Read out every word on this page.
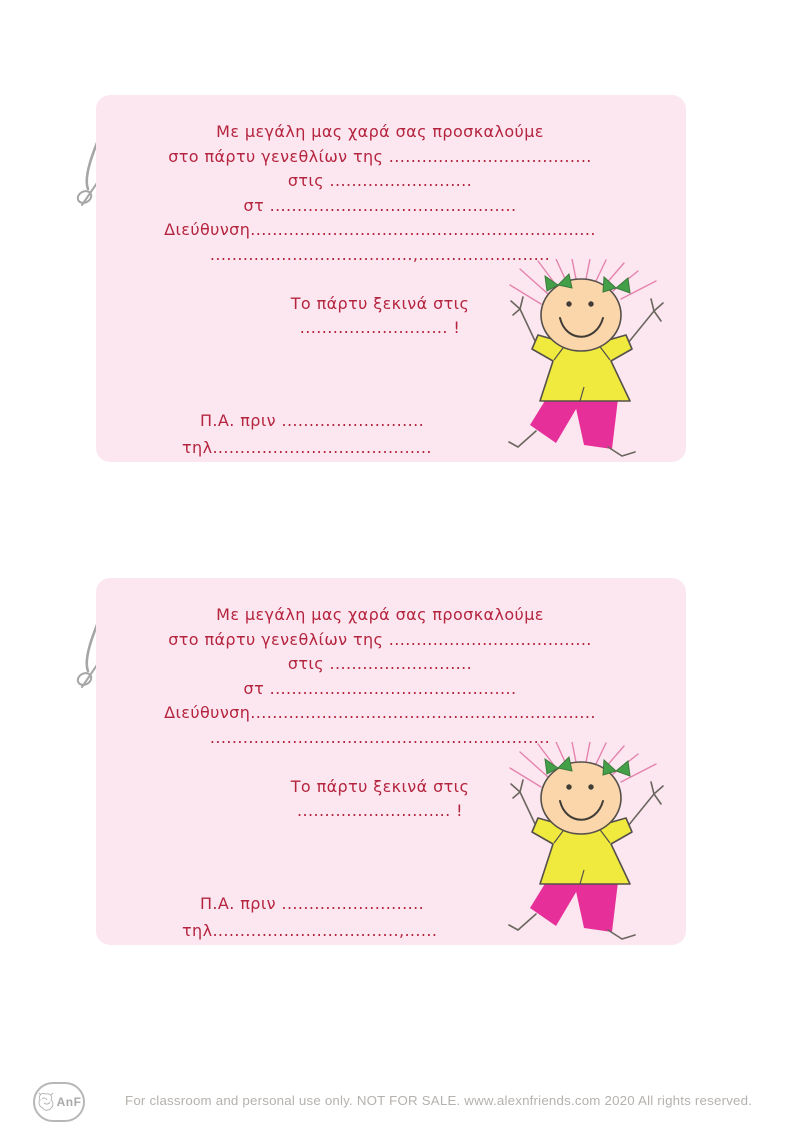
Με μεγάλη μας χαρά σας προσκαλούμε
στο πάρτυ γενεθλίων της .....................................
στις ..........................
στ .............................................
Διεύθυνση...............................................................
.....................................,........................
Το πάρτυ ξεκινά στις
........................... !
Π.Α. πριν ..........................
τηλ........................................
Με μεγάλη μας χαρά σας προσκαλούμε
στο πάρτυ γενεθλίων της .....................................
στις ..........................
στ .............................................
Διεύθυνση...............................................................
..............................................................
Το πάρτυ ξεκινά στις
............................ !
Π.Α. πριν ..........................
τηλ..................................,......
AnF	For classroom and personal use only. NOT FOR SALE. www.alexnfriends.com 2020 All rights reserved.
